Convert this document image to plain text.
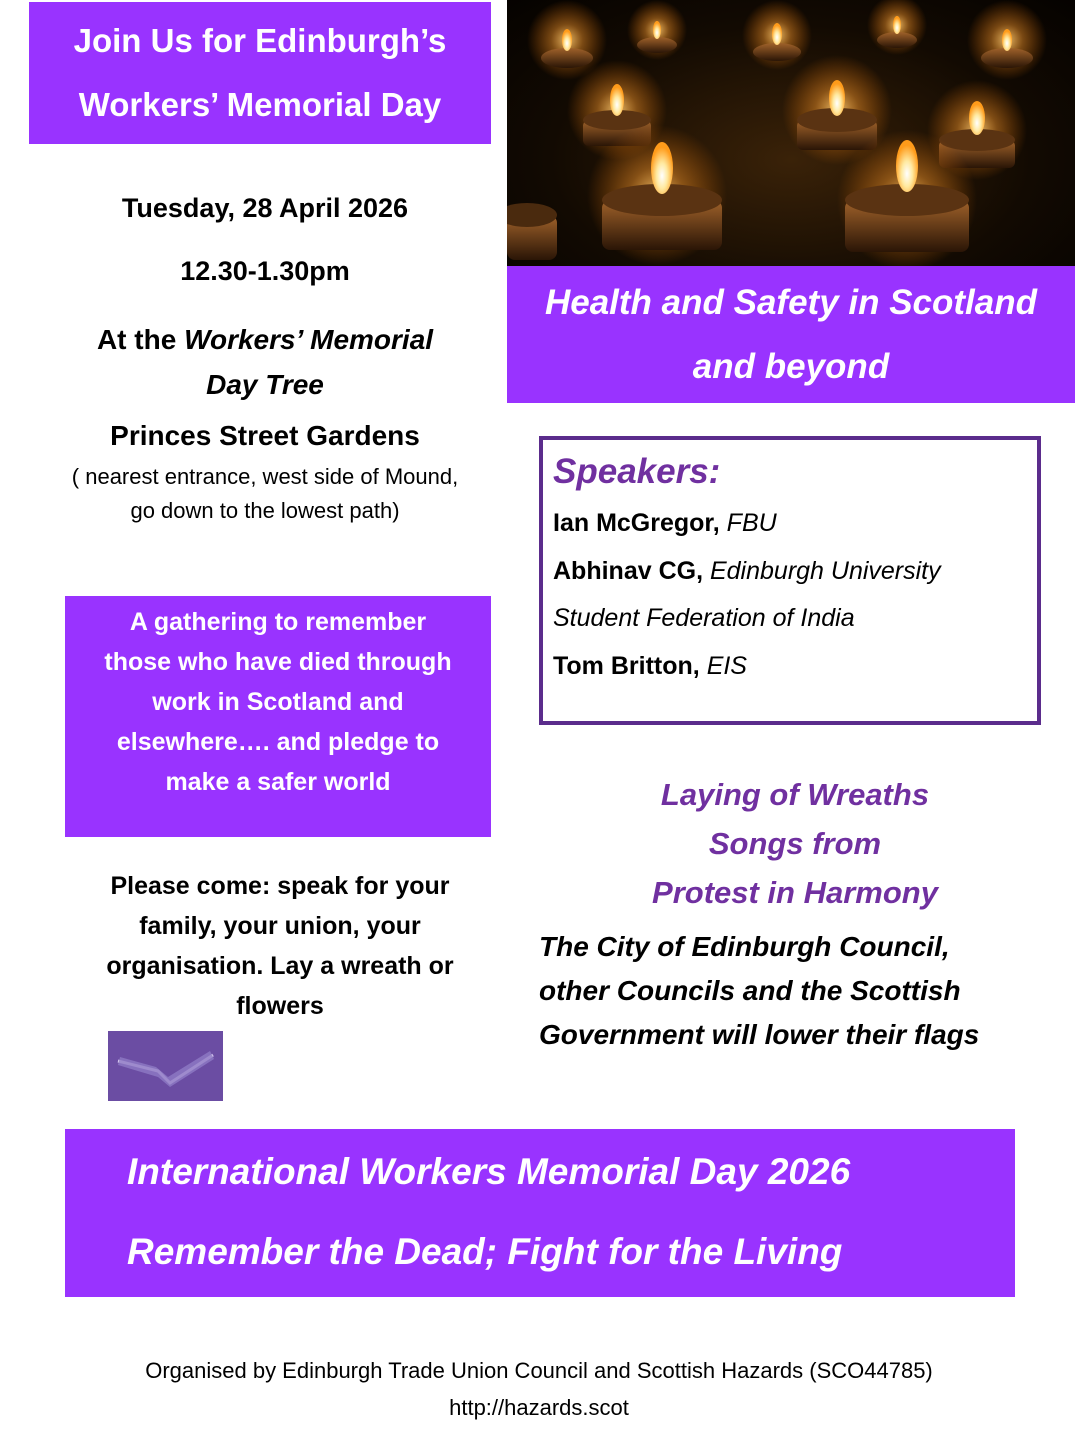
Join Us for Edinburgh’s
Workers’ Memorial Day
Health and Safety in Scotland
and beyond
Tuesday, 28 April 2026
12.30-1.30pm
At the Workers’ Memorial
Day Tree
Princes Street Gardens
( nearest entrance, west side of Mound, go down to the lowest path)
A gathering to remember
those who have died through
work in Scotland and
elsewhere…. and pledge to
make a safer world
Please come: speak for your
family, your union, your
organisation. Lay a wreath or
flowers
Speakers:
Ian McGregor, FBU
Abhinav CG, Edinburgh University
Student Federation of India
Tom Britton, EIS
Laying of Wreaths
Songs from
Protest in Harmony
The City of Edinburgh Council,
other Councils and the Scottish
Government will lower their flags
International Workers Memorial Day 2026
Remember the Dead; Fight for the Living
Organised by Edinburgh Trade Union Council and Scottish Hazards (SCO44785)
http://hazards.scot
